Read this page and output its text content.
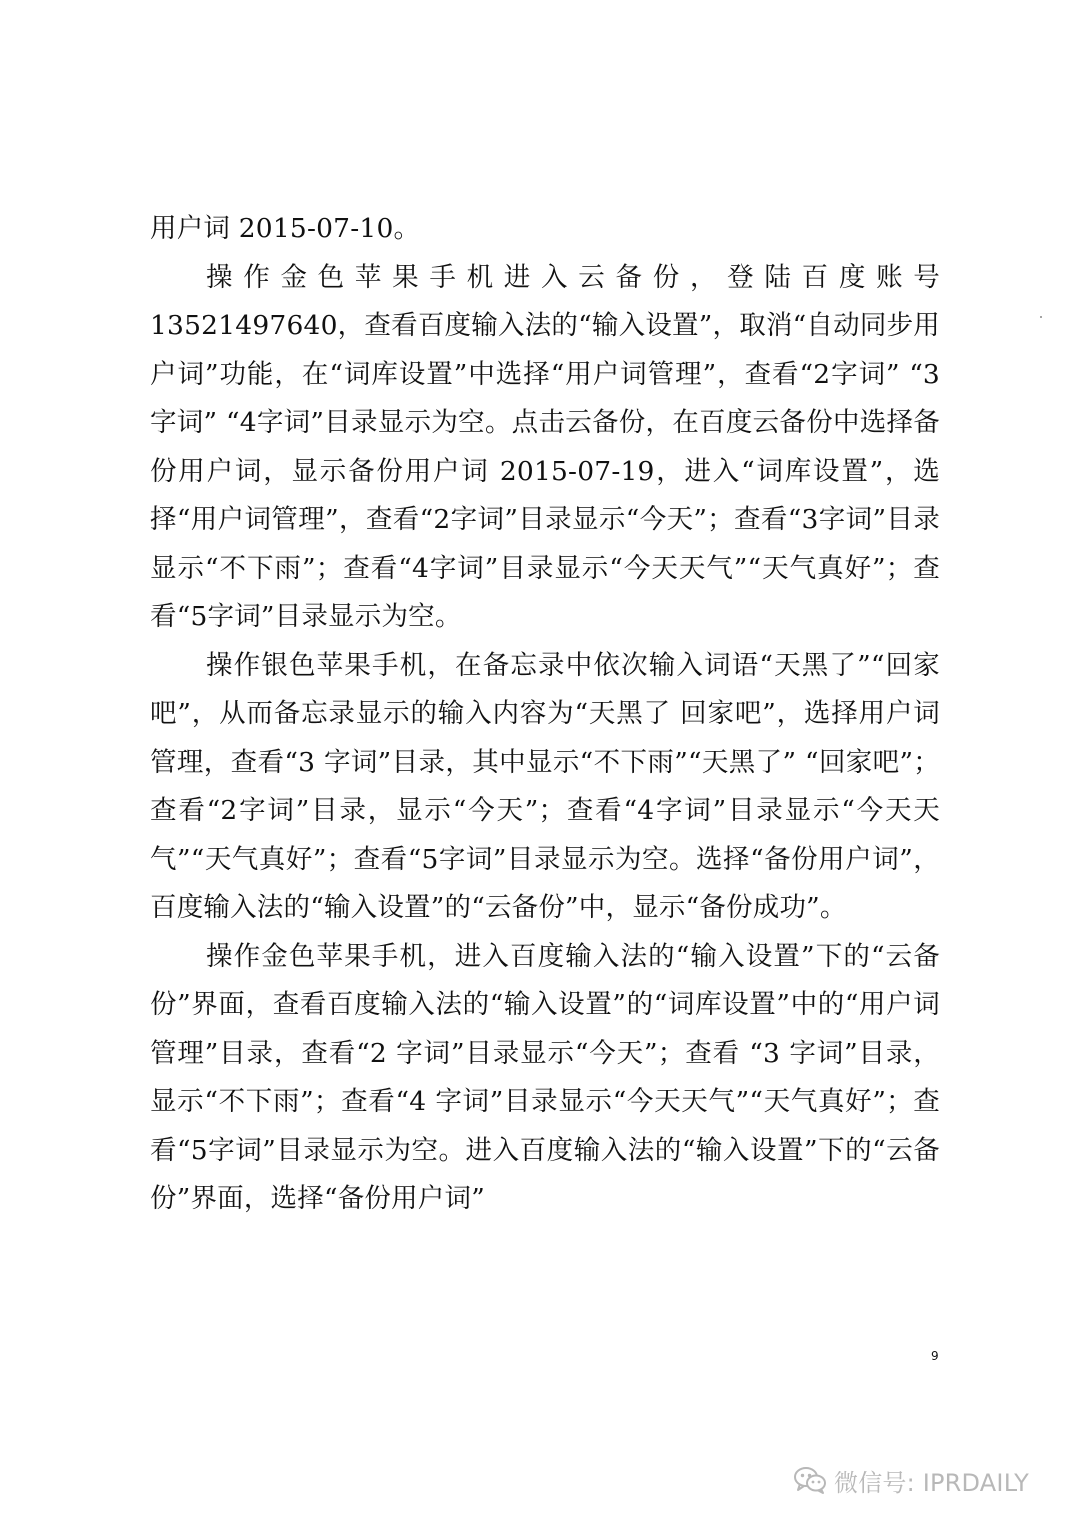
用户词 2015-07-10。

操作金色苹果手机进入云备份，登陆百度账号 13521497640，查看百度输入法的“输入设置”，取消“自动同步用户词”功能，在“词库设置”中选择“用户词管理”，查看“2字词” “3字词” “4字词”目录显示为空。点击云备份，在百度云备份中选择备份用户词，显示备份用户词 2015-07-19，进入“词库设置”，选择“用户词管理”，查看“2字词”目录显示“今天”；查看“3字词”目录显示“不下雨”；查看“4字词”目录显示“今天天气”“天气真好”；查看“5字词”目录显示为空。

操作银色苹果手机，在备忘录中依次输入词语“天黑了”“回家吧”，从而备忘录显示的输入内容为“天黑了 回家吧”，选择用户词管理，查看“3 字词”目录，其中显示“不下雨”“天黑了” “回家吧”；查看“2字词”目录，显示“今天”；查看“4字词”目录显示“今天天气”“天气真好”；查看“5字词”目录显示为空。选择“备份用户词”，百度输入法的“输入设置”的“云备份”中，显示“备份成功”。

操作金色苹果手机，进入百度输入法的“输入设置”下的“云备份”界面，查看百度输入法的“输入设置”的“词库设置”中的“用户词管理”目录，查看“2 字词”目录显示“今天”；查看 “3 字词”目录，显示“不下雨”；查看“4 字词”目录显示“今天天气”“天气真好”；查看“5字词”目录显示为空。进入百度输入法的“输入设置”下的“云备份”界面，选择“备份用户词”

9
微信号: IPRDAILY
